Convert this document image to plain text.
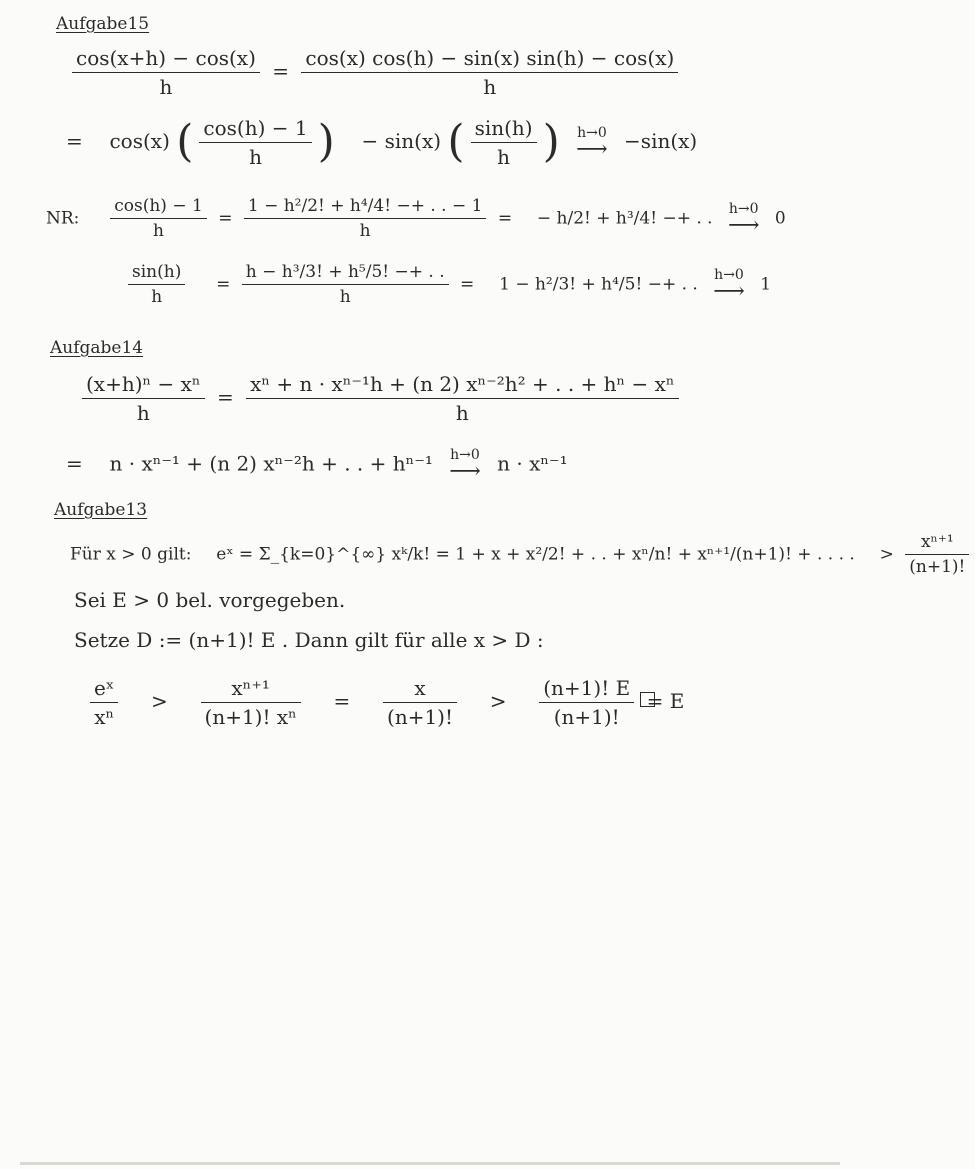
Aufgabe15
$\frac{\cos(x+h) - \cos(x)}{h} = \frac{\cos(x) \cos(h) - \sin(x) \sin(h) - \cos(x)}{h}$
= cos(x) ( $\frac{\cos(h) - 1}{h}$ ) − sin(x) ( $\frac{\sin(h)}{h}$ ) h→0
⟶ −sin(x)
NR: $\frac{\cos(h) - 1}{h} = \frac{\text{1 − h²/2! + h⁴/4! −+ . . − 1}}{h}$ = − h/2! + h³/4! −+ . . h→0
⟶ 0
$\frac{\sin(h)}{h} = \frac{\text{h − h³/3! + h⁵/5! −+ . .}}{h} = 1 - h^2/3$! + h⁴/5! −+ . . h→0
⟶ 1
Aufgabe14
$\frac{\text{(x+h)ⁿ − xⁿ}}{h} = \frac{\text{xⁿ + n · xⁿ⁻¹h + (n 2) xⁿ⁻²h² + . . + hⁿ − xⁿ}}{h}$
= n · xⁿ⁻¹ + (n 2) xⁿ⁻²h + . . + hⁿ⁻¹ h→0
⟶ n · xⁿ⁻¹
Aufgabe13
Für x > 0 gilt: eˣ = Σ_{k=0}^{∞} xᵏ/k! = 1 + x + x²/2! + . . + xⁿ/n! + xⁿ⁺¹/(n+1)! + . . . . > $\frac{\text{xⁿ⁺¹}}{(n+1)!}$
Sei E > 0 bel. vorgegeben.
Setze D := (n+1)! E . Dann gilt für alle x > D :
$\frac{\text{eˣ}}{\text{xⁿ}} > \frac{\text{xⁿ⁺¹}}{\text{(n+1)! xⁿ}} = \frac{x}{(n+1)!} > \frac{(n+1)! E}{(n+1)!} = E$
